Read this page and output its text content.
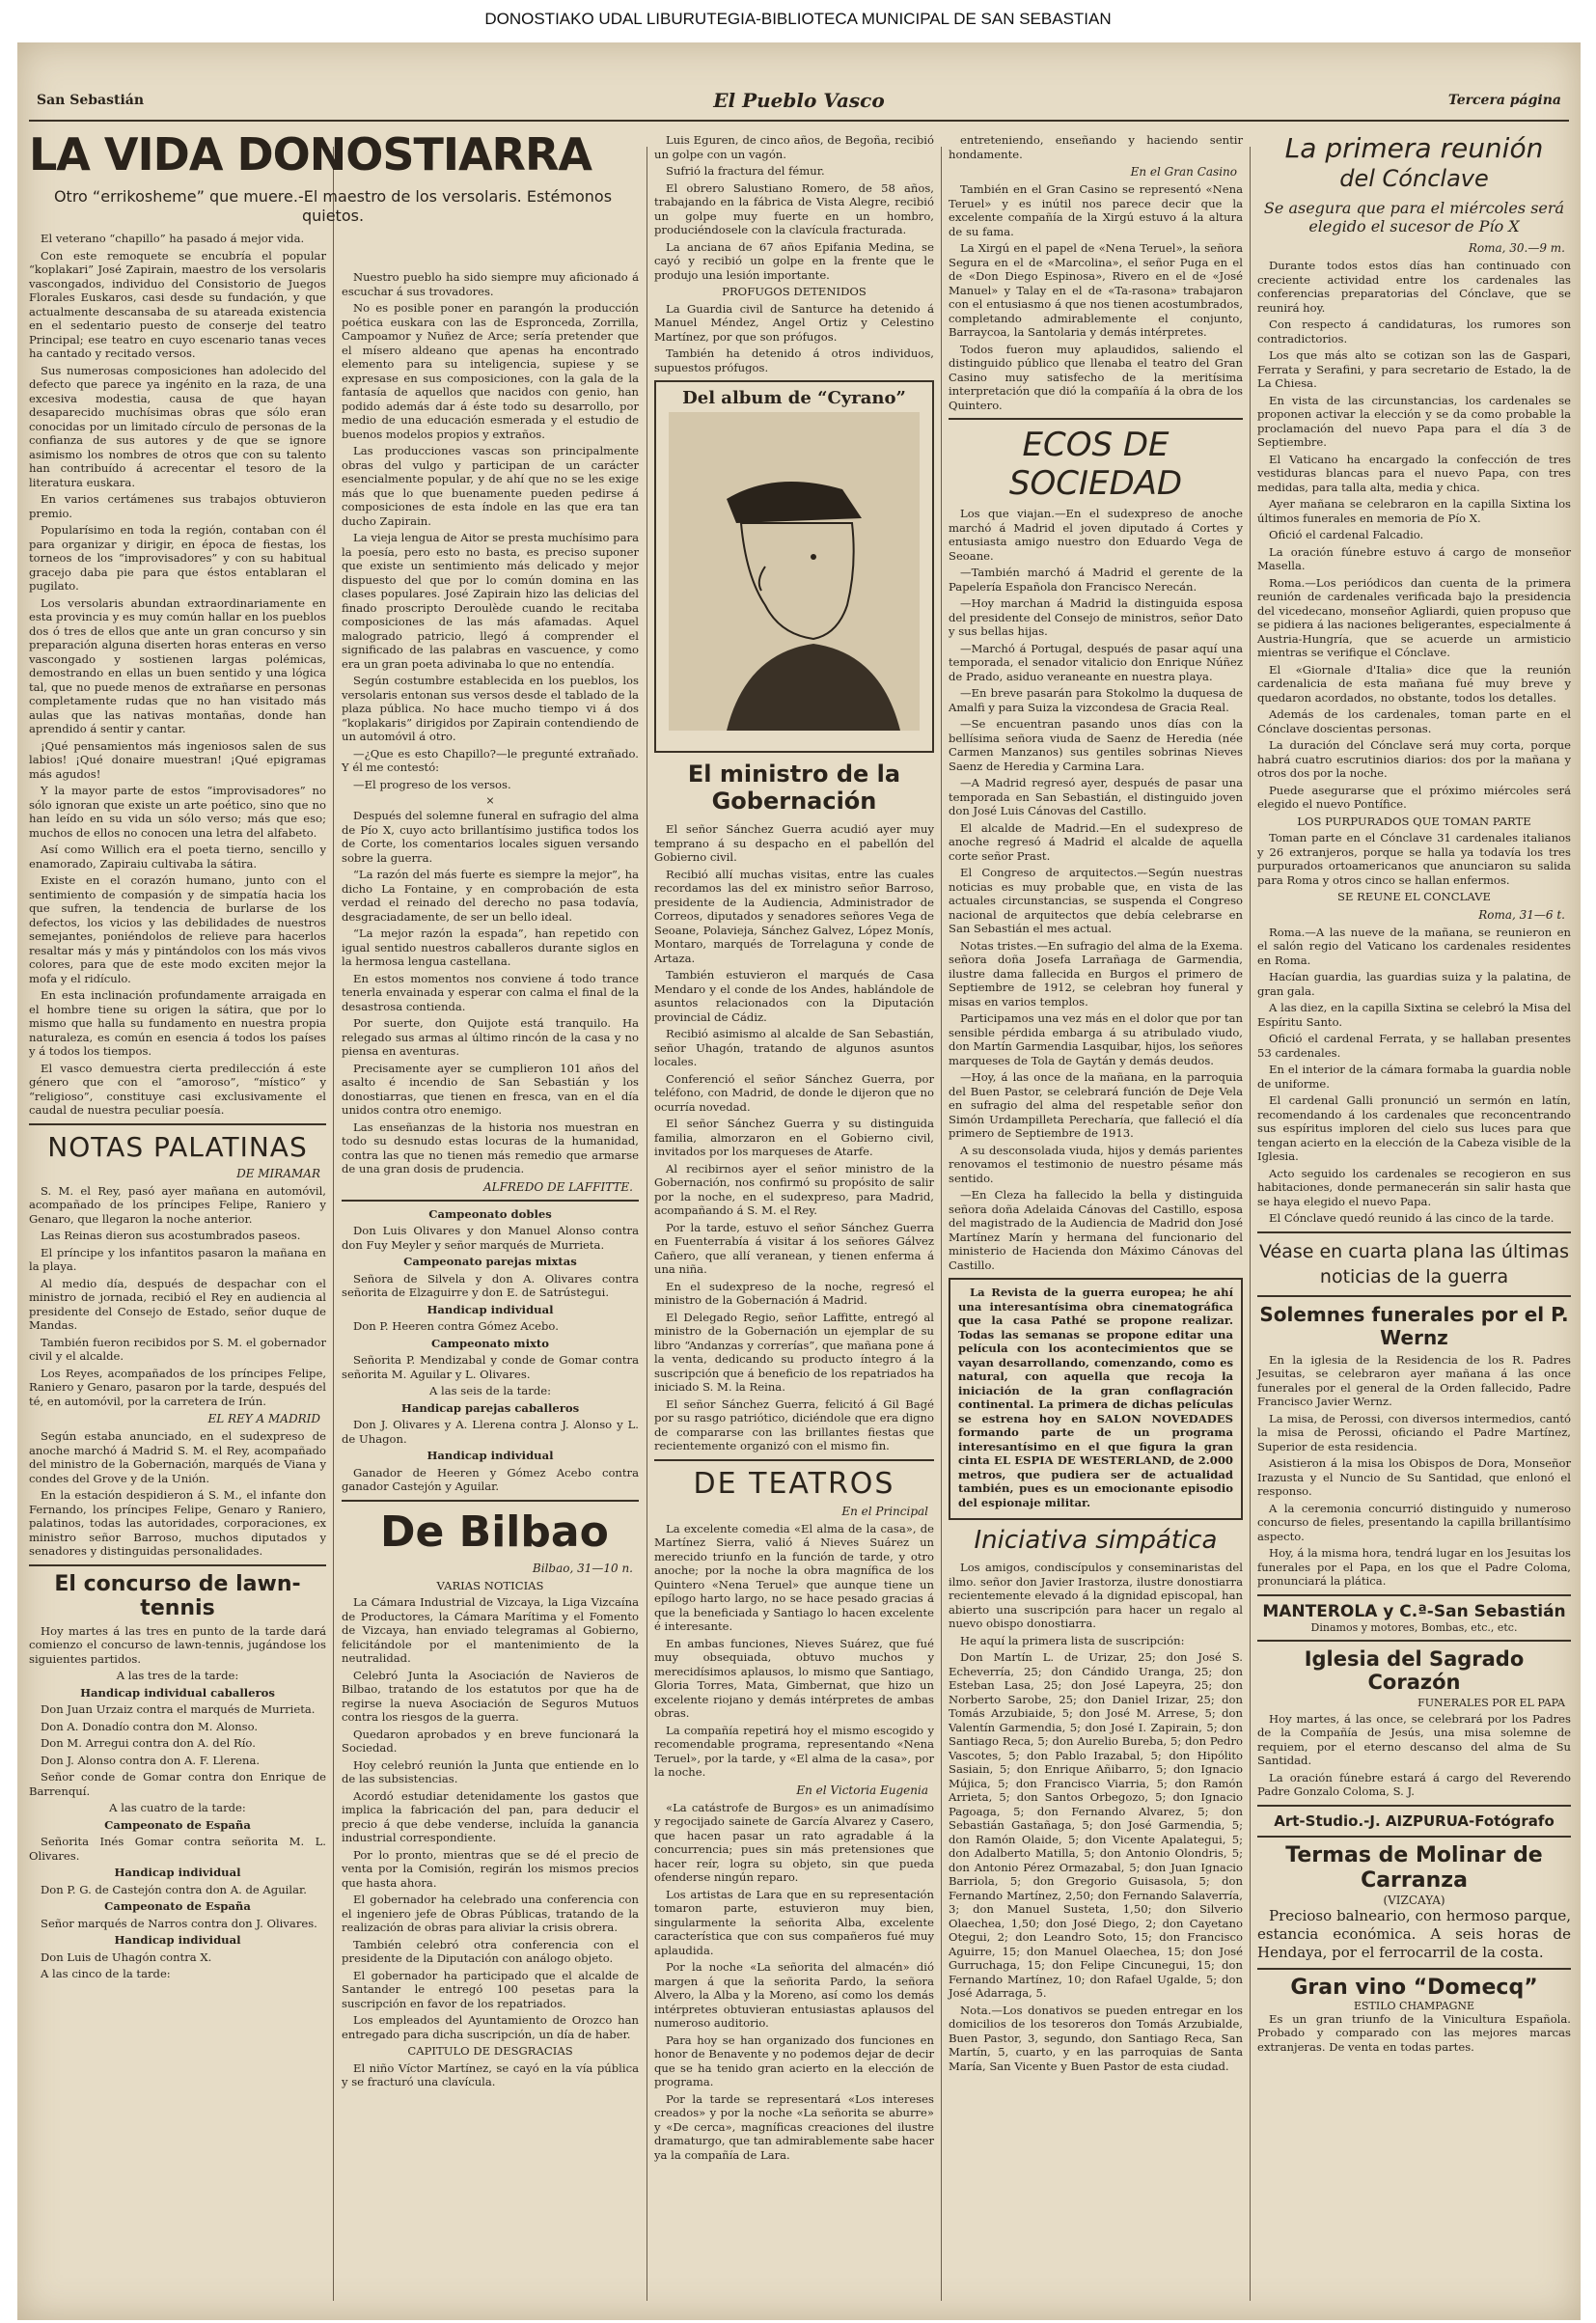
DONOSTIAKO UDAL LIBURUTEGIA-BIBLIOTECA MUNICIPAL DE SAN SEBASTIAN
San Sebastián	El Pueblo Vasco	Tercera página
LA VIDA DONOSTIARRA
Otro “errikosheme” que muere.-El maestro de los versolaris. Estémonos quietos.

El veterano “chapillo” ha pasado á mejor vida.

Con este remoquete se encubría el popular “koplakari” José Zapirain, maestro de los versolaris vascongados, individuo del Consistorio de Juegos Florales Euskaros, casi desde su fundación, y que actualmente descansaba de su atareada existencia en el sedentario puesto de conserje del teatro Principal; ese teatro en cuyo escenario tanas veces ha cantado y recitado versos.

Sus numerosas composiciones han adolecido del defecto que parece ya ingénito en la raza, de una excesiva modestia, causa de que hayan desaparecido muchísimas obras que sólo eran conocidas por un limitado círculo de personas de la confianza de sus autores y de que se ignore asimismo los nombres de otros que con su talento han contribuído á acrecentar el tesoro de la literatura euskara.

En varios certámenes sus trabajos obtuvieron premio.

Popularísimo en toda la región, contaban con él para organizar y dirigir, en época de fiestas, los torneos de los “improvisadores” y con su habitual gracejo daba pie para que éstos entablaran el pugilato.

Los versolaris abundan extraordinariamente en esta provincia y es muy común hallar en los pueblos dos ó tres de ellos que ante un gran concurso y sin preparación alguna diserten horas enteras en verso vascongado y sostienen largas polémicas, demostrando en ellas un buen sentido y una lógica tal, que no puede menos de extrañarse en personas completamente rudas que no han visitado más aulas que las nativas montañas, donde han aprendido á sentir y cantar.

¡Qué pensamientos más ingeniosos salen de sus labios! ¡Qué donaire muestran! ¡Qué epigramas más agudos!

Y la mayor parte de estos “improvisadores” no sólo ignoran que existe un arte poético, sino que no han leído en su vida un sólo verso; más que eso; muchos de ellos no conocen una letra del alfabeto.

Así como Willich era el poeta tierno, sencillo y enamorado, Zapiraiu cultivaba la sátira.

Existe en el corazón humano, junto con el sentimiento de compasión y de simpatía hacia los que sufren, la tendencia de burlarse de los defectos, los vicios y las debilidades de nuestros semejantes, poniéndolos de relieve para hacerlos resaltar más y más y pintándolos con los más vivos colores, para que de este modo exciten mejor la mofa y el ridículo.

En esta inclinación profundamente arraigada en el hombre tiene su origen la sátira, que por lo mismo que halla su fundamento en nuestra propia naturaleza, es común en esencia á todos los países y á todos los tiempos.

El vasco demuestra cierta predilección á este género que con el “amoroso”, “místico” y “religioso”, constituye casi exclusivamente el caudal de nuestra peculiar poesía.

NOTAS PALATINAS
DE MIRAMAR

S. M. el Rey, pasó ayer mañana en automóvil, acompañado de los príncipes Felipe, Raniero y Genaro, que llegaron la noche anterior.

Las Reinas dieron sus acostumbrados paseos.

El príncipe y los infantitos pasaron la mañana en la playa.

Al medio día, después de despachar con el ministro de jornada, recibió el Rey en audiencia al presidente del Consejo de Estado, señor duque de Mandas.

También fueron recibidos por S. M. el gobernador civil y el alcalde.

Los Reyes, acompañados de los príncipes Felipe, Raniero y Genaro, pasaron por la tarde, después del té, en automóvil, por la carretera de Irún.

EL REY A MADRID

Según estaba anunciado, en el sudexpreso de anoche marchó á Madrid S. M. el Rey, acompañado del ministro de la Gobernación, marqués de Viana y condes del Grove y de la Unión.

En la estación despidieron á S. M., el infante don Fernando, los príncipes Felipe, Genaro y Raniero, palatinos, todas las autoridades, corporaciones, ex ministro señor Barroso, muchos diputados y senadores y distinguidas personalidades.

El concurso de lawn-tennis

Hoy martes á las tres en punto de la tarde dará comienzo el concurso de lawn-tennis, jugándose los siguientes partidos.

A las tres de la tarde:

Handicap individual caballeros

Don Juan Urzaiz contra el marqués de Murrieta.

Don A. Donadío contra don M. Alonso.

Don M. Arregui contra don A. del Río.

Don J. Alonso contra don A. F. Llerena.

Señor conde de Gomar contra don Enrique de Barrenquí.

A las cuatro de la tarde:

Campeonato de España

Señorita Inés Gomar contra señorita M. L. Olivares.

Handicap individual

Don P. G. de Castejón contra don A. de Aguilar.

Campeonato de España

Señor marqués de Narros contra don J. Olivares.

Handicap individual

Don Luis de Uhagón contra X.

A las cinco de la tarde:

Nuestro pueblo ha sido siempre muy aficionado á escuchar á sus trovadores.

No es posible poner en parangón la producción poética euskara con las de Espronceda, Zorrilla, Campoamor y Nuñez de Arce; sería pretender que el mísero aldeano que apenas ha encontrado elemento para su inteligencia, supiese y se expresase en sus composiciones, con la gala de la fantasía de aquellos que nacidos con genio, han podido además dar á éste todo su desarrollo, por medio de una educación esmerada y el estudio de buenos modelos propios y extraños.

Las producciones vascas son principalmente obras del vulgo y participan de un carácter esencialmente popular, y de ahí que no se les exige más que lo que buenamente pueden pedirse á composiciones de esta índole en las que era tan ducho Zapirain.

La vieja lengua de Aitor se presta muchísimo para la poesía, pero esto no basta, es preciso suponer que existe un sentimiento más delicado y mejor dispuesto del que por lo común domina en las clases populares. José Zapirain hizo las delicias del finado proscripto Deroulède cuando le recitaba composiciones de las más afamadas. Aquel malogrado patricio, llegó á comprender el significado de las palabras en vascuence, y como era un gran poeta adivinaba lo que no entendía.

Según costumbre establecida en los pueblos, los versolaris entonan sus versos desde el tablado de la plaza pública. No hace mucho tiempo vi á dos “koplakaris” dirigidos por Zapirain contendiendo de un automóvil á otro.

—¿Que es esto Chapillo?—le pregunté extrañado. Y él me contestó:

—El progreso de los versos.

×

Después del solemne funeral en sufragio del alma de Pío X, cuyo acto brillantísimo justifica todos los de Corte, los comentarios locales siguen versando sobre la guerra.

“La razón del más fuerte es siempre la mejor”, ha dicho La Fontaine, y en comprobación de esta verdad el reinado del derecho no pasa todavía, desgraciadamente, de ser un bello ideal.

“La mejor razón la espada”, han repetido con igual sentido nuestros caballeros durante siglos en la hermosa lengua castellana.

En estos momentos nos conviene á todo trance tenerla envainada y esperar con calma el final de la desastrosa contienda.

Por suerte, don Quijote está tranquilo. Ha relegado sus armas al último rincón de la casa y no piensa en aventuras.

Precisamente ayer se cumplieron 101 años del asalto é incendio de San Sebastián y los donostiarras, que tienen en fresca, van en el día unidos contra otro enemigo.

Las enseñanzas de la historia nos muestran en todo su desnudo estas locuras de la humanidad, contra las que no tienen más remedio que armarse de una gran dosis de prudencia.

ALFREDO DE LAFFITTE.

Campeonato dobles

Don Luis Olivares y don Manuel Alonso contra don Fuy Meyler y señor marqués de Murrieta.

Campeonato parejas mixtas

Señora de Silvela y don A. Olivares contra señorita de Elzaguirre y don E. de Satrústegui.

Handicap individual

Don P. Heeren contra Gómez Acebo.

Campeonato mixto

Señorita P. Mendizabal y conde de Gomar contra señorita M. Aguilar y L. Olivares.

A las seis de la tarde:

Handicap parejas caballeros

Don J. Olivares y A. Llerena contra J. Alonso y L. de Uhagon.

Handicap individual

Ganador de Heeren y Gómez Acebo contra ganador Castejón y Aguilar.

De Bilbao
Bilbao, 31—10 n.

VARIAS NOTICIAS

La Cámara Industrial de Vizcaya, la Liga Vizcaína de Productores, la Cámara Marítima y el Fomento de Vizcaya, han enviado telegramas al Gobierno, felicitándole por el mantenimiento de la neutralidad.

Celebró Junta la Asociación de Navieros de Bilbao, tratando de los estatutos por que ha de regirse la nueva Asociación de Seguros Mutuos contra los riesgos de la guerra.

Quedaron aprobados y en breve funcionará la Sociedad.

Hoy celebró reunión la Junta que entiende en lo de las subsistencias.

Acordó estudiar detenidamente los gastos que implica la fabricación del pan, para deducir el precio á que debe venderse, incluída la ganancia industrial correspondiente.

Por lo pronto, mientras que se dé el precio de venta por la Comisión, regirán los mismos precios que hasta ahora.

El gobernador ha celebrado una conferencia con el ingeniero jefe de Obras Públicas, tratando de la realización de obras para aliviar la crisis obrera.

También celebró otra conferencia con el presidente de la Diputación con análogo objeto.

El gobernador ha participado que el alcalde de Santander le entregó 100 pesetas para la suscripción en favor de los repatriados.

Los empleados del Ayuntamiento de Orozco han entregado para dicha suscripción, un día de haber.

CAPITULO DE DESGRACIAS

El niño Víctor Martínez, se cayó en la vía pública y se fracturó una clavícula.

Luis Eguren, de cinco años, de Begoña, recibió un golpe con un vagón.

Sufrió la fractura del fémur.

El obrero Salustiano Romero, de 58 años, trabajando en la fábrica de Vista Alegre, recibió un golpe muy fuerte en un hombro, produciéndosele con la clavícula fracturada.

La anciana de 67 años Epifania Medina, se cayó y recibió un golpe en la frente que le produjo una lesión importante.

PROFUGOS DETENIDOS

La Guardia civil de Santurce ha detenido á Manuel Méndez, Angel Ortiz y Celestino Martínez, por que son prófugos.

También ha detenido á otros individuos, supuestos prófugos.

Del album de “Cyrano”
El ministro de la Gobernación

El señor Sánchez Guerra acudió ayer muy temprano á su despacho en el pabellón del Gobierno civil.

Recibió allí muchas visitas, entre las cuales recordamos las del ex ministro señor Barroso, presidente de la Audiencia, Administrador de Correos, diputados y senadores señores Vega de Seoane, Polavieja, Sánchez Galvez, López Monís, Montaro, marqués de Torrelaguna y conde de Artaza.

También estuvieron el marqués de Casa Mendaro y el conde de los Andes, hablándole de asuntos relacionados con la Diputación provincial de Cádiz.

Recibió asimismo al alcalde de San Sebastián, señor Uhagón, tratando de algunos asuntos locales.

Conferenció el señor Sánchez Guerra, por teléfono, con Madrid, de donde le dijeron que no ocurría novedad.

El señor Sánchez Guerra y su distinguida familia, almorzaron en el Gobierno civil, invitados por los marqueses de Atarfe.

Al recibirnos ayer el señor ministro de la Gobernación, nos confirmó su propósito de salir por la noche, en el sudexpreso, para Madrid, acompañando á S. M. el Rey.

Por la tarde, estuvo el señor Sánchez Guerra en Fuenterrabía á visitar á los señores Gálvez Cañero, que allí veranean, y tienen enferma á una niña.

En el sudexpreso de la noche, regresó el ministro de la Gobernación á Madrid.

El Delegado Regio, señor Laffitte, entregó al ministro de la Gobernación un ejemplar de su libro “Andanzas y correrías”, que mañana pone á la venta, dedicando su producto íntegro á la suscripción que á beneficio de los repatriados ha iniciado S. M. la Reina.

El señor Sánchez Guerra, felicitó á Gil Bagé por su rasgo patriótico, diciéndole que era digno de compararse con las brillantes fiestas que recientemente organizó con el mismo fin.

DE TEATROS
En el Principal

La excelente comedia «El alma de la casa», de Martínez Sierra, valió á Nieves Suárez un merecido triunfo en la función de tarde, y otro anoche; por la noche la obra magnífica de los Quintero «Nena Teruel» que aunque tiene un epílogo harto largo, no se hace pesado gracias á que la beneficiada y Santiago lo hacen excelente é interesante.

En ambas funciones, Nieves Suárez, que fué muy obsequiada, obtuvo muchos y merecidísimos aplausos, lo mismo que Santiago, Gloria Torres, Mata, Gimbernat, que hizo un excelente riojano y demás intérpretes de ambas obras.

La compañía repetirá hoy el mismo escogido y recomendable programa, representando «Nena Teruel», por la tarde, y «El alma de la casa», por la noche.

En el Victoria Eugenia

«La catástrofe de Burgos» es un animadísimo y regocijado sainete de García Alvarez y Casero, que hacen pasar un rato agradable á la concurrencia; pues sin más pretensiones que hacer reír, logra su objeto, sin que pueda ofenderse ningún reparo.

Los artistas de Lara que en su representación tomaron parte, estuvieron muy bien, singularmente la señorita Alba, excelente característica que con sus compañeros fué muy aplaudida.

Por la noche «La señorita del almacén» dió margen á que la señorita Pardo, la señora Alvero, la Alba y la Moreno, así como los demás intérpretes obtuvieran entusiastas aplausos del numeroso auditorio.

Para hoy se han organizado dos funciones en honor de Benavente y no podemos dejar de decir que se ha tenido gran acierto en la elección de programa.

Por la tarde se representará «Los intereses creados» y por la noche «La señorita se aburre» y «De cerca», magníficas creaciones del ilustre dramaturgo, que tan admirablemente sabe hacer ya la compañía de Lara.

entreteniendo, enseñando y haciendo sentir hondamente.

En el Gran Casino

También en el Gran Casino se representó «Nena Teruel» y es inútil nos parece decir que la excelente compañía de la Xirgú estuvo á la altura de su fama.

La Xirgú en el papel de «Nena Teruel», la señora Segura en el de «Marcolina», el señor Puga en el de «Don Diego Espinosa», Rivero en el de «José Manuel» y Talay en el de «Ta-rasona» trabajaron con el entusiasmo á que nos tienen acostumbrados, completando admirablemente el conjunto, Barraycoa, la Santolaria y demás intérpretes.

Todos fueron muy aplaudidos, saliendo el distinguido público que llenaba el teatro del Gran Casino muy satisfecho de la meritísima interpretación que dió la compañía á la obra de los Quintero.

ECOS DE SOCIEDAD

Los que viajan.—En el sudexpreso de anoche marchó á Madrid el joven diputado á Cortes y entusiasta amigo nuestro don Eduardo Vega de Seoane.

—También marchó á Madrid el gerente de la Papelería Española don Francisco Nerecán.

—Hoy marchan á Madrid la distinguida esposa del presidente del Consejo de ministros, señor Dato y sus bellas hijas.

—Marchó á Portugal, después de pasar aquí una temporada, el senador vitalicio don Enrique Núñez de Prado, asiduo veraneante en nuestra playa.

—En breve pasarán para Stokolmo la duquesa de Amalfi y para Suiza la vizcondesa de Gracia Real.

—Se encuentran pasando unos días con la bellísima señora viuda de Saenz de Heredia (née Carmen Manzanos) sus gentiles sobrinas Nieves Saenz de Heredia y Carmina Lara.

—A Madrid regresó ayer, después de pasar una temporada en San Sebastián, el distinguido joven don José Luis Cánovas del Castillo.

El alcalde de Madrid.—En el sudexpreso de anoche regresó á Madrid el alcalde de aquella corte señor Prast.

El Congreso de arquitectos.—Según nuestras noticias es muy probable que, en vista de las actuales circunstancias, se suspenda el Congreso nacional de arquitectos que debía celebrarse en San Sebastián el mes actual.

Notas tristes.—En sufragio del alma de la Exema. señora doña Josefa Larrañaga de Garmendia, ilustre dama fallecida en Burgos el primero de Septiembre de 1912, se celebran hoy funeral y misas en varios templos.

Participamos una vez más en el dolor que por tan sensible pérdida embarga á su atribulado viudo, don Martín Garmendia Lasquibar, hijos, los señores marqueses de Tola de Gaytán y demás deudos.

—Hoy, á las once de la mañana, en la parroquia del Buen Pastor, se celebrará función de Deje Vela en sufragio del alma del respetable señor don Simón Urdampilleta Perecharía, que falleció el día primero de Septiembre de 1913.

A su desconsolada viuda, hijos y demás parientes renovamos el testimonio de nuestro pésame más sentido.

—En Cleza ha fallecido la bella y distinguida señora doña Adelaida Cánovas del Castillo, esposa del magistrado de la Audiencia de Madrid don José Martínez Marín y hermana del funcionario del ministerio de Hacienda don Máximo Cánovas del Castillo.

La Revista de la guerra europea; he ahí una interesantísima obra cinematográfica que la casa Pathé se propone realizar. Todas las semanas se propone editar una película con los acontecimientos que se vayan desarrollando, comenzando, como es natural, con aquella que recoja la iniciación de la gran conflagración continental. La primera de dichas películas se estrena hoy en SALON NOVEDADES formando parte de un programa interesantísimo en el que figura la gran cinta EL ESPIA DE WESTERLAND, de 2.000 metros, que pudiera ser de actualidad también, pues es un emocionante episodio del espionaje militar.

Iniciativa simpática

Los amigos, condiscípulos y conseminaristas del ilmo. señor don Javier Irastorza, ilustre donostiarra recientemente elevado á la dignidad episcopal, han abierto una suscripción para hacer un regalo al nuevo obispo donostiarra.

He aquí la primera lista de suscripción:

Don Martín L. de Urizar, 25; don José S. Echeverría, 25; don Cándido Uranga, 25; don Esteban Lasa, 25; don José Lapeyra, 25; don Norberto Sarobe, 25; don Daniel Irizar, 25; don Tomás Arzubiaide, 5; don José M. Arrese, 5; don Valentín Garmendia, 5; don José I. Zapirain, 5; don Santiago Reca, 5; don Aurelio Bureba, 5; don Pedro Vascotes, 5; don Pablo Irazabal, 5; don Hipólito Sasiain, 5; don Enrique Añibarro, 5; don Ignacio Mújica, 5; don Francisco Viarria, 5; don Ramón Arrieta, 5; don Santos Orbegozo, 5; don Ignacio Pagoaga, 5; don Fernando Alvarez, 5; don Sebastián Gastañaga, 5; don José Garmendia, 5; don Ramón Olaide, 5; don Vicente Apalategui, 5; don Adalberto Matilla, 5; don Antonio Olondris, 5; don Antonio Pérez Ormazabal, 5; don Juan Ignacio Barriola, 5; don Gregorio Guisasola, 5; don Fernando Martínez, 2,50; don Fernando Salaverría, 3; don Manuel Susteta, 1,50; don Silverio Olaechea, 1,50; don José Diego, 2; don Cayetano Otegui, 2; don Leandro Soto, 15; don Francisco Aguirre, 15; don Manuel Olaechea, 15; don José Gurruchaga, 15; don Felipe Cincunegui, 15; don Fernando Martínez, 10; don Rafael Ugalde, 5; don José Adarraga, 5.

Nota.—Los donativos se pueden entregar en los domicilios de los tesoreros don Tomás Arzubialde, Buen Pastor, 3, segundo, don Santiago Reca, San Martín, 5, cuarto, y en las parroquias de Santa María, San Vicente y Buen Pastor de esta ciudad.

La primera reunión
del Cónclave
Se asegura que para el miércoles será elegido el sucesor de Pío X
Roma, 30.—9 m.

Durante todos estos días han continuado con creciente actividad entre los cardenales las conferencias preparatorias del Cónclave, que se reunirá hoy.

Con respecto á candidaturas, los rumores son contradictorios.

Los que más alto se cotizan son las de Gaspari, Ferrata y Serafini, y para secretario de Estado, la de La Chiesa.

En vista de las circunstancias, los cardenales se proponen activar la elección y se da como probable la proclamación del nuevo Papa para el día 3 de Septiembre.

El Vaticano ha encargado la confección de tres vestiduras blancas para el nuevo Papa, con tres medidas, para talla alta, media y chica.

Ayer mañana se celebraron en la capilla Sixtina los últimos funerales en memoria de Pío X.

Ofició el cardenal Falcadio.

La oración fúnebre estuvo á cargo de monseñor Masella.

Roma.—Los periódicos dan cuenta de la primera reunión de cardenales verificada bajo la presidencia del vicedecano, monseñor Agliardi, quien propuso que se pidiera á las naciones beligerantes, especialmente á Austria-Hungría, que se acuerde un armisticio mientras se verifique el Cónclave.

El «Giornale d'Italia» dice que la reunión cardenalicia de esta mañana fué muy breve y quedaron acordados, no obstante, todos los detalles.

Además de los cardenales, toman parte en el Cónclave doscientas personas.

La duración del Cónclave será muy corta, porque habrá cuatro escrutinios diarios: dos por la mañana y otros dos por la noche.

Puede asegurarse que el próximo miércoles será elegido el nuevo Pontífice.

LOS PURPURADOS QUE TOMAN PARTE

Toman parte en el Cónclave 31 cardenales italianos y 26 extranjeros, porque se halla ya todavía los tres purpurados ortoamericanos que anunciaron su salida para Roma y otros cinco se hallan enfermos.

SE REUNE EL CONCLAVE

Roma, 31—6 t.

Roma.—A las nueve de la mañana, se reunieron en el salón regio del Vaticano los cardenales residentes en Roma.

Hacían guardia, las guardias suiza y la palatina, de gran gala.

A las diez, en la capilla Sixtina se celebró la Misa del Espíritu Santo.

Ofició el cardenal Ferrata, y se hallaban presentes 53 cardenales.

En el interior de la cámara formaba la guardia noble de uniforme.

El cardenal Galli pronunció un sermón en latín, recomendando á los cardenales que reconcentrando sus espíritus imploren del cielo sus luces para que tengan acierto en la elección de la Cabeza visible de la Iglesia.

Acto seguido los cardenales se recogieron en sus habitaciones, donde permanecerán sin salir hasta que se haya elegido el nuevo Papa.

El Cónclave quedó reunido á las cinco de la tarde.

Véase en cuarta plana las últimas noticias de la guerra
Solemnes funerales por el P. Wernz

En la iglesia de la Residencia de los R. Padres Jesuitas, se celebraron ayer mañana á las once funerales por el general de la Orden fallecido, Padre Francisco Javier Wernz.

La misa, de Perossi, con diversos intermedios, cantó la misa de Perossi, oficiando el Padre Martínez, Superior de esta residencia.

Asistieron á la misa los Obispos de Dora, Monseñor Irazusta y el Nuncio de Su Santidad, que enlonó el responso.

A la ceremonia concurrió distinguido y numeroso concurso de fieles, presentando la capilla brillantísimo aspecto.

Hoy, á la misma hora, tendrá lugar en los Jesuitas los funerales por el Papa, en los que el Padre Coloma, pronunciará la plática.

MANTEROLA y C.ª-San Sebastián
Dinamos y motores, Bombas, etc., etc.
Iglesia del Sagrado Corazón
FUNERALES POR EL PAPA

Hoy martes, á las once, se celebrará por los Padres de la Compañía de Jesús, una misa solemne de requiem, por el eterno descanso del alma de Su Santidad.

La oración fúnebre estará á cargo del Reverendo Padre Gonzalo Coloma, S. J.

Art-Studio.-J. AIZPURUA-Fotógrafo
Termas de Molinar de Carranza
(VIZCAYA)

Precioso balneario, con hermoso parque, estancia económica. A seis horas de Hendaya, por el ferrocarril de la costa.

Gran vino “Domecq”
ESTILO CHAMPAGNE

Es un gran triunfo de la Vinicultura Española. Probado y comparado con las mejores marcas extranjeras. De venta en todas partes.
